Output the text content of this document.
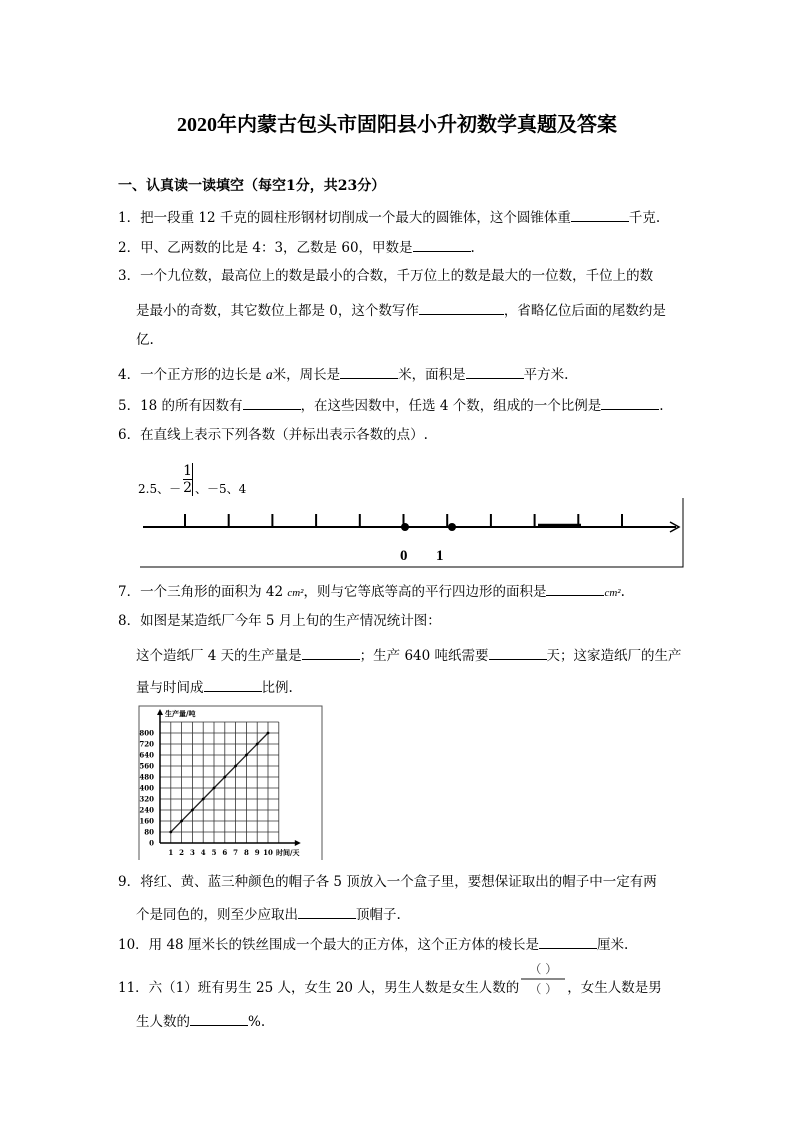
2020年内蒙古包头市固阳县小升初数学真题及答案
一、认真读一读填空（每空1分，共23分）
1．把一段重 12 千克的圆柱形钢材切削成一个最大的圆锥体，这个圆锥体重	千克.
2．甲、乙两数的比是 4：3，乙数是 60，甲数是	.
3．一个九位数，最高位上的数是最小的合数，千万位上的数是最大的一位数，千位上的数
是最小的奇数，其它数位上都是 0，这个数写作	，省略亿位后面的尾数约是
亿.
4．一个正方形的边长是 a米，周长是	米，面积是	平方米.
5．18 的所有因数有	，在这些因数中，任选 4 个数，组成的一个比例是	.
6．在直线上表示下列各数（并标出表示各数的点）.
2.5、－ $\frac{1}{2}$ 、－5、4
0 1
7．一个三角形的面积为 42 cm²，则与它等底等高的平行四边形的面积是	cm².
8．如图是某造纸厂今年 5 月上旬的生产情况统计图：
这个造纸厂 4 天的生产量是	；生产 640 吨纸需要	天；这家造纸厂的生产
量与时间成	比例.
生产量/吨
时间/天
0
80
160
240
320
400
480
560
640
720
800
1 2 3 4 5 6 7 8 9 10
9．将红、黄、蓝三种颜色的帽子各 5 顶放入一个盒子里，要想保证取出的帽子中一定有两
个是同色的，则至少应取出	顶帽子.
10．用 48 厘米长的铁丝围成一个最大的正方体，这个正方体的棱长是	厘米.
11．六（1）班有男生 25 人，女生 20 人，男生人数是女生人数的 $\frac{( )}{( )}$ ，女生人数是男
生人数的	%.
